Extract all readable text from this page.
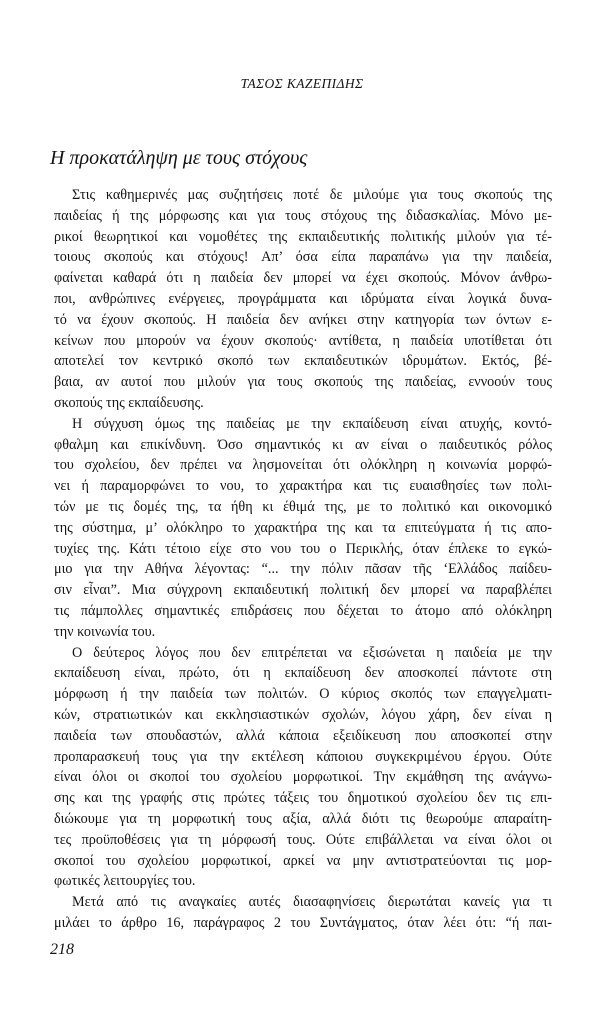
ΤΑΣΟΣ ΚΑΖΕΠΙΔΗΣ
Η προκατάληψη με τους στόχους
Στις καθημερινές μας συζητήσεις ποτέ δε μιλούμε για τους σκοπούς της
παιδείας ή της μόρφωσης και για τους στόχους της διδασκαλίας. Μόνο με-
ρικοί θεωρητικοί και νομοθέτες της εκπαιδευτικής πολιτικής μιλούν για τέ-
τοιους σκοπούς και στόχους! Απ’ όσα είπα παραπάνω για την παιδεία,
φαίνεται καθαρά ότι η παιδεία δεν μπορεί να έχει σκοπούς. Μόνον άνθρω-
ποι, ανθρώπινες ενέργειες, προγράμματα και ιδρύματα είναι λογικά δυνα-
τό να έχουν σκοπούς. Η παιδεία δεν ανήκει στην κατηγορία των όντων ε-
κείνων που μπορούν να έχουν σκοπούς· αντίθετα, η παιδεία υποτίθεται ότι
αποτελεί τον κεντρικό σκοπό των εκπαιδευτικών ιδρυμάτων. Εκτός, βέ-
βαια, αν αυτοί που μιλούν για τους σκοπούς της παιδείας, εννοούν τους
σκοπούς της εκπαίδευσης.
Η σύγχυση όμως της παιδείας με την εκπαίδευση είναι ατυχής, κοντό-
φθαλμη και επικίνδυνη. Όσο σημαντικός κι αν είναι ο παιδευτικός ρόλος
του σχολείου, δεν πρέπει να λησμονείται ότι ολόκληρη η κοινωνία μορφώ-
νει ή παραμορφώνει το νου, το χαρακτήρα και τις ευαισθησίες των πολι-
τών με τις δομές της, τα ήθη κι έθιμά της, με το πολιτικό και οικονομικό
της σύστημα, μ’ ολόκληρο το χαρακτήρα της και τα επιτεύγματα ή τις απο-
τυχίες της. Κάτι τέτοιο είχε στο νου του ο Περικλής, όταν έπλεκε το εγκώ-
μιο για την Αθήνα λέγοντας: “... την πόλιν πᾶσαν τῆς ‘Ελλάδος παίδευ-
σιν εἶναι”. Μια σύγχρονη εκπαιδευτική πολιτική δεν μπορεί να παραβλέπει
τις πάμπολλες σημαντικές επιδράσεις που δέχεται το άτομο από ολόκληρη
την κοινωνία του.
Ο δεύτερος λόγος που δεν επιτρέπεται να εξισώνεται η παιδεία με την
εκπαίδευση είναι, πρώτο, ότι η εκπαίδευση δεν αποσκοπεί πάντοτε στη
μόρφωση ή την παιδεία των πολιτών. Ο κύριος σκοπός των επαγγελματι-
κών, στρατιωτικών και εκκλησιαστικών σχολών, λόγου χάρη, δεν είναι η
παιδεία των σπουδαστών, αλλά κάποια εξειδίκευση που αποσκοπεί στην
προπαρασκευή τους για την εκτέλεση κάποιου συγκεκριμένου έργου. Ούτε
είναι όλοι οι σκοποί του σχολείου μορφωτικοί. Την εκμάθηση της ανάγνω-
σης και της γραφής στις πρώτες τάξεις του δημοτικού σχολείου δεν τις επι-
διώκουμε για τη μορφωτική τους αξία, αλλά διότι τις θεωρούμε απαραίτη-
τες προϋποθέσεις για τη μόρφωσή τους. Ούτε επιβάλλεται να είναι όλοι οι
σκοποί του σχολείου μορφωτικοί, αρκεί να μην αντιστρατεύονται τις μορ-
φωτικές λειτουργίες του.
Μετά από τις αναγκαίες αυτές διασαφηνίσεις διερωτάται κανείς για τι
μιλάει το άρθρο 16, παράγραφος 2 του Συντάγματος, όταν λέει ότι: “ή παι-
218
